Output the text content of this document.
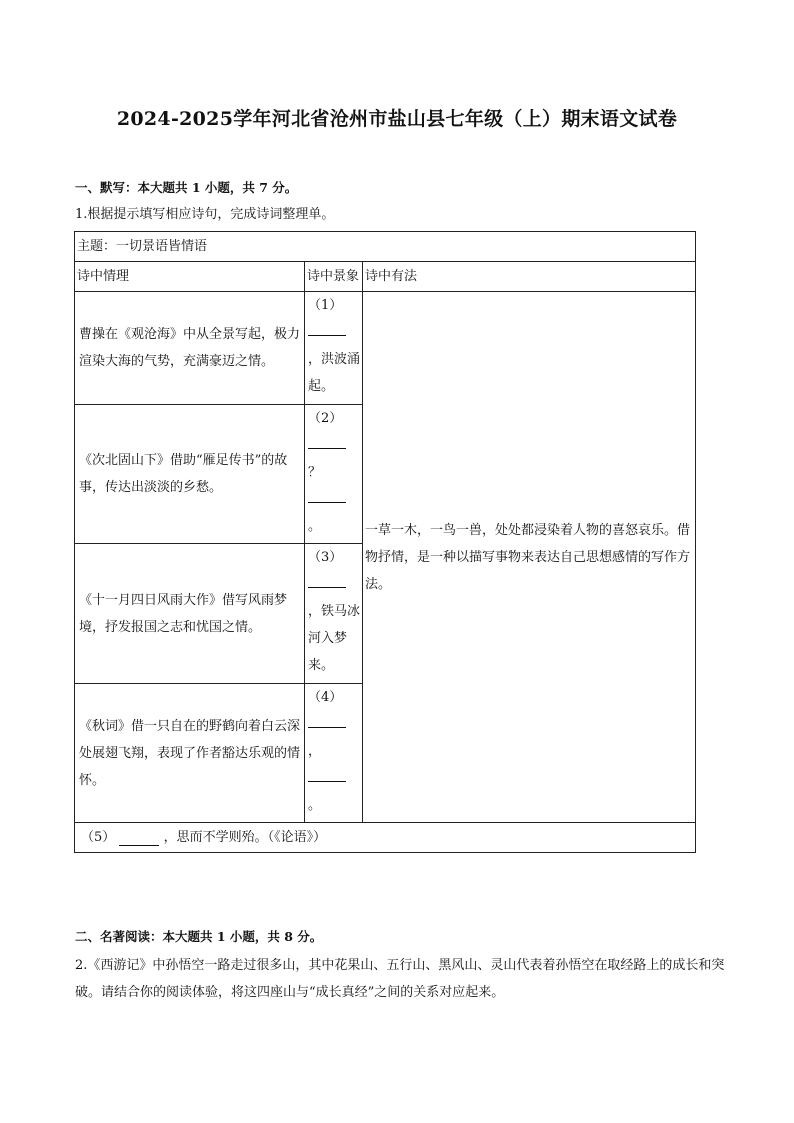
2024-2025学年河北省沧州市盐山县七年级（上）期末语文试卷
一、默写：本大题共 1 小题，共 7 分。
1.根据提示填写相应诗句，完成诗词整理单。
主题：一切景语皆情语		
诗中情理	诗中景象	诗中有法
曹操在《观沧海》中从全景写起，极力渲染大海的气势，充满豪迈之情。	（1）
，洪波涌起。	一草一木，一鸟一兽，处处都浸染着人物的喜怒哀乐。借物抒情，是一种以描写事物来表达自己思想感情的写作方法。
《次北固山下》借助“雁足传书”的故事，传达出淡淡的乡愁。	（2）
？
。	

《十一月四日风雨大作》借写风雨梦境，抒发报国之志和忧国之情。	（3）
，铁马冰河入梦来。	
《秋词》借一只自在的野鹤向着白云深处展翅飞翔，表现了作者豁达乐观的情怀。	（4）
，
。	

（5） ，思而不学则殆。（《论语》）		
二、名著阅读：本大题共 1 小题，共 8 分。
2.《西游记》中孙悟空一路走过很多山，其中花果山、五行山、黑风山、灵山代表着孙悟空在取经路上的成长和突破。请结合你的阅读体验，将这四座山与“成长真经”之间的关系对应起来。
